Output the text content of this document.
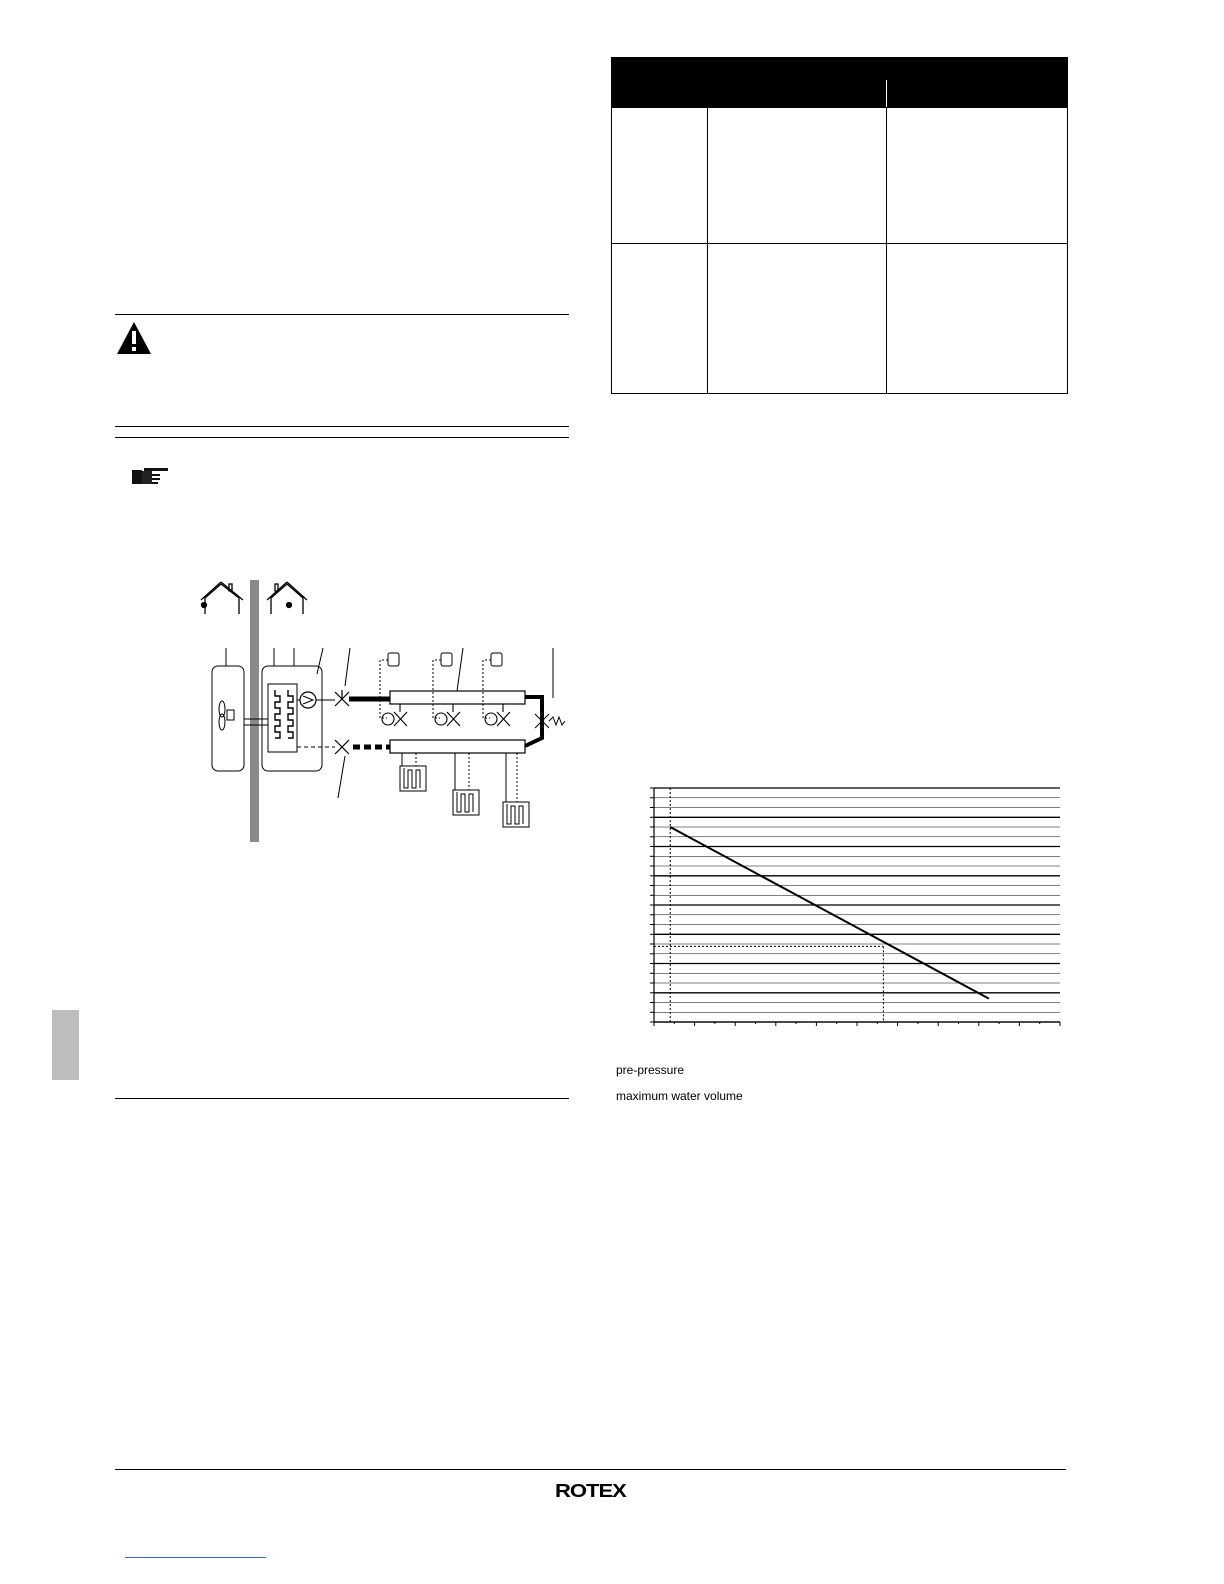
pre-pressure
maximum water volume
ROTEX
